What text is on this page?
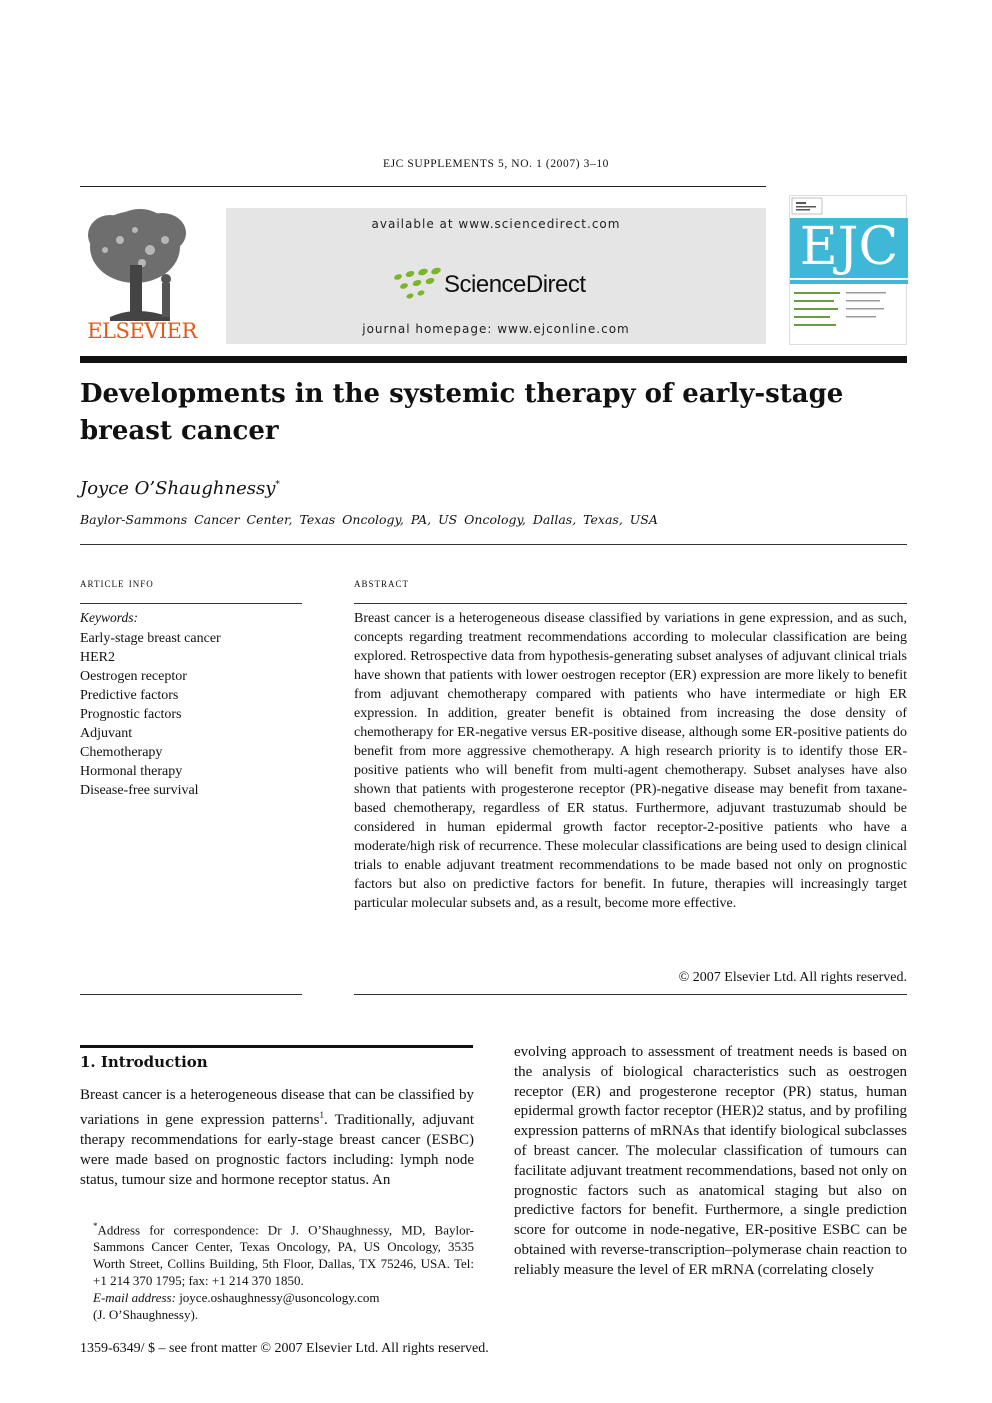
EJC SUPPLEMENTS 5, NO. 1 (2007) 3–10
ELSEVIER
available at www.sciencedirect.com
ScienceDirect
journal homepage: www.ejconline.com
EJC
Developments in the systemic therapy of early-stage breast cancer
Joyce O’Shaughnessy*
Baylor-Sammons Cancer Center, Texas Oncology, PA, US Oncology, Dallas, Texas, USA
article info
Keywords:
Early-stage breast cancer
HER2
Oestrogen receptor
Predictive factors
Prognostic factors
Adjuvant
Chemotherapy
Hormonal therapy
Disease-free survival
abstract

Breast cancer is a heterogeneous disease classified by variations in gene expression, and as such, concepts regarding treatment recommendations according to molecular classification are being explored. Retrospective data from hypothesis-generating subset analyses of adjuvant clinical trials have shown that patients with lower oestrogen receptor (ER) expression are more likely to benefit from adjuvant chemotherapy compared with patients who have intermediate or high ER expression. In addition, greater benefit is obtained from increasing the dose density of chemotherapy for ER-negative versus ER-positive disease, although some ER-positive patients do benefit from more aggressive chemotherapy. A high research priority is to identify those ER-positive patients who will benefit from multi-agent chemotherapy. Subset analyses have also shown that patients with progesterone receptor (PR)-negative disease may benefit from taxane-based chemotherapy, regardless of ER status. Furthermore, adjuvant trastuzumab should be considered in human epidermal growth factor receptor-2-positive patients who have a moderate/high risk of recurrence. These molecular classifications are being used to design clinical trials to enable adjuvant treatment recommendations to be made based not only on prognostic factors but also on predictive factors for benefit. In future, therapies will increasingly target particular molecular subsets and, as a result, become more effective.

© 2007 Elsevier Ltd. All rights reserved.
1. Introduction

Breast cancer is a heterogeneous disease that can be classified by variations in gene expression patterns$^1$. Traditionally, adjuvant therapy recommendations for early-stage breast cancer (ESBC) were made based on prognostic factors including: lymph node status, tumour size and hormone receptor status. An

evolving approach to assessment of treatment needs is based on the analysis of biological characteristics such as oestrogen receptor (ER) and progesterone receptor (PR) status, human epidermal growth factor receptor (HER)2 status, and by profiling expression patterns of mRNAs that identify biological subclasses of breast cancer. The molecular classification of tumours can facilitate adjuvant treatment recommendations, based not only on prognostic factors such as anatomical staging but also on predictive factors for benefit. Furthermore, a single prediction score for outcome in node-negative, ER-positive ESBC can be obtained with reverse-transcription–polymerase chain reaction to reliably measure the level of ER mRNA (correlating closely

*Address for correspondence: Dr J. O’Shaughnessy, MD, Baylor-Sammons Cancer Center, Texas Oncology, PA, US Oncology, 3535 Worth Street, Collins Building, 5th Floor, Dallas, TX 75246, USA. Tel: +1 214 370 1795; fax: +1 214 370 1850.
E-mail address: joyce.oshaughnessy@usoncology.com
(J. O’Shaughnessy).

1359-6349/ $ – see front matter © 2007 Elsevier Ltd. All rights reserved.
